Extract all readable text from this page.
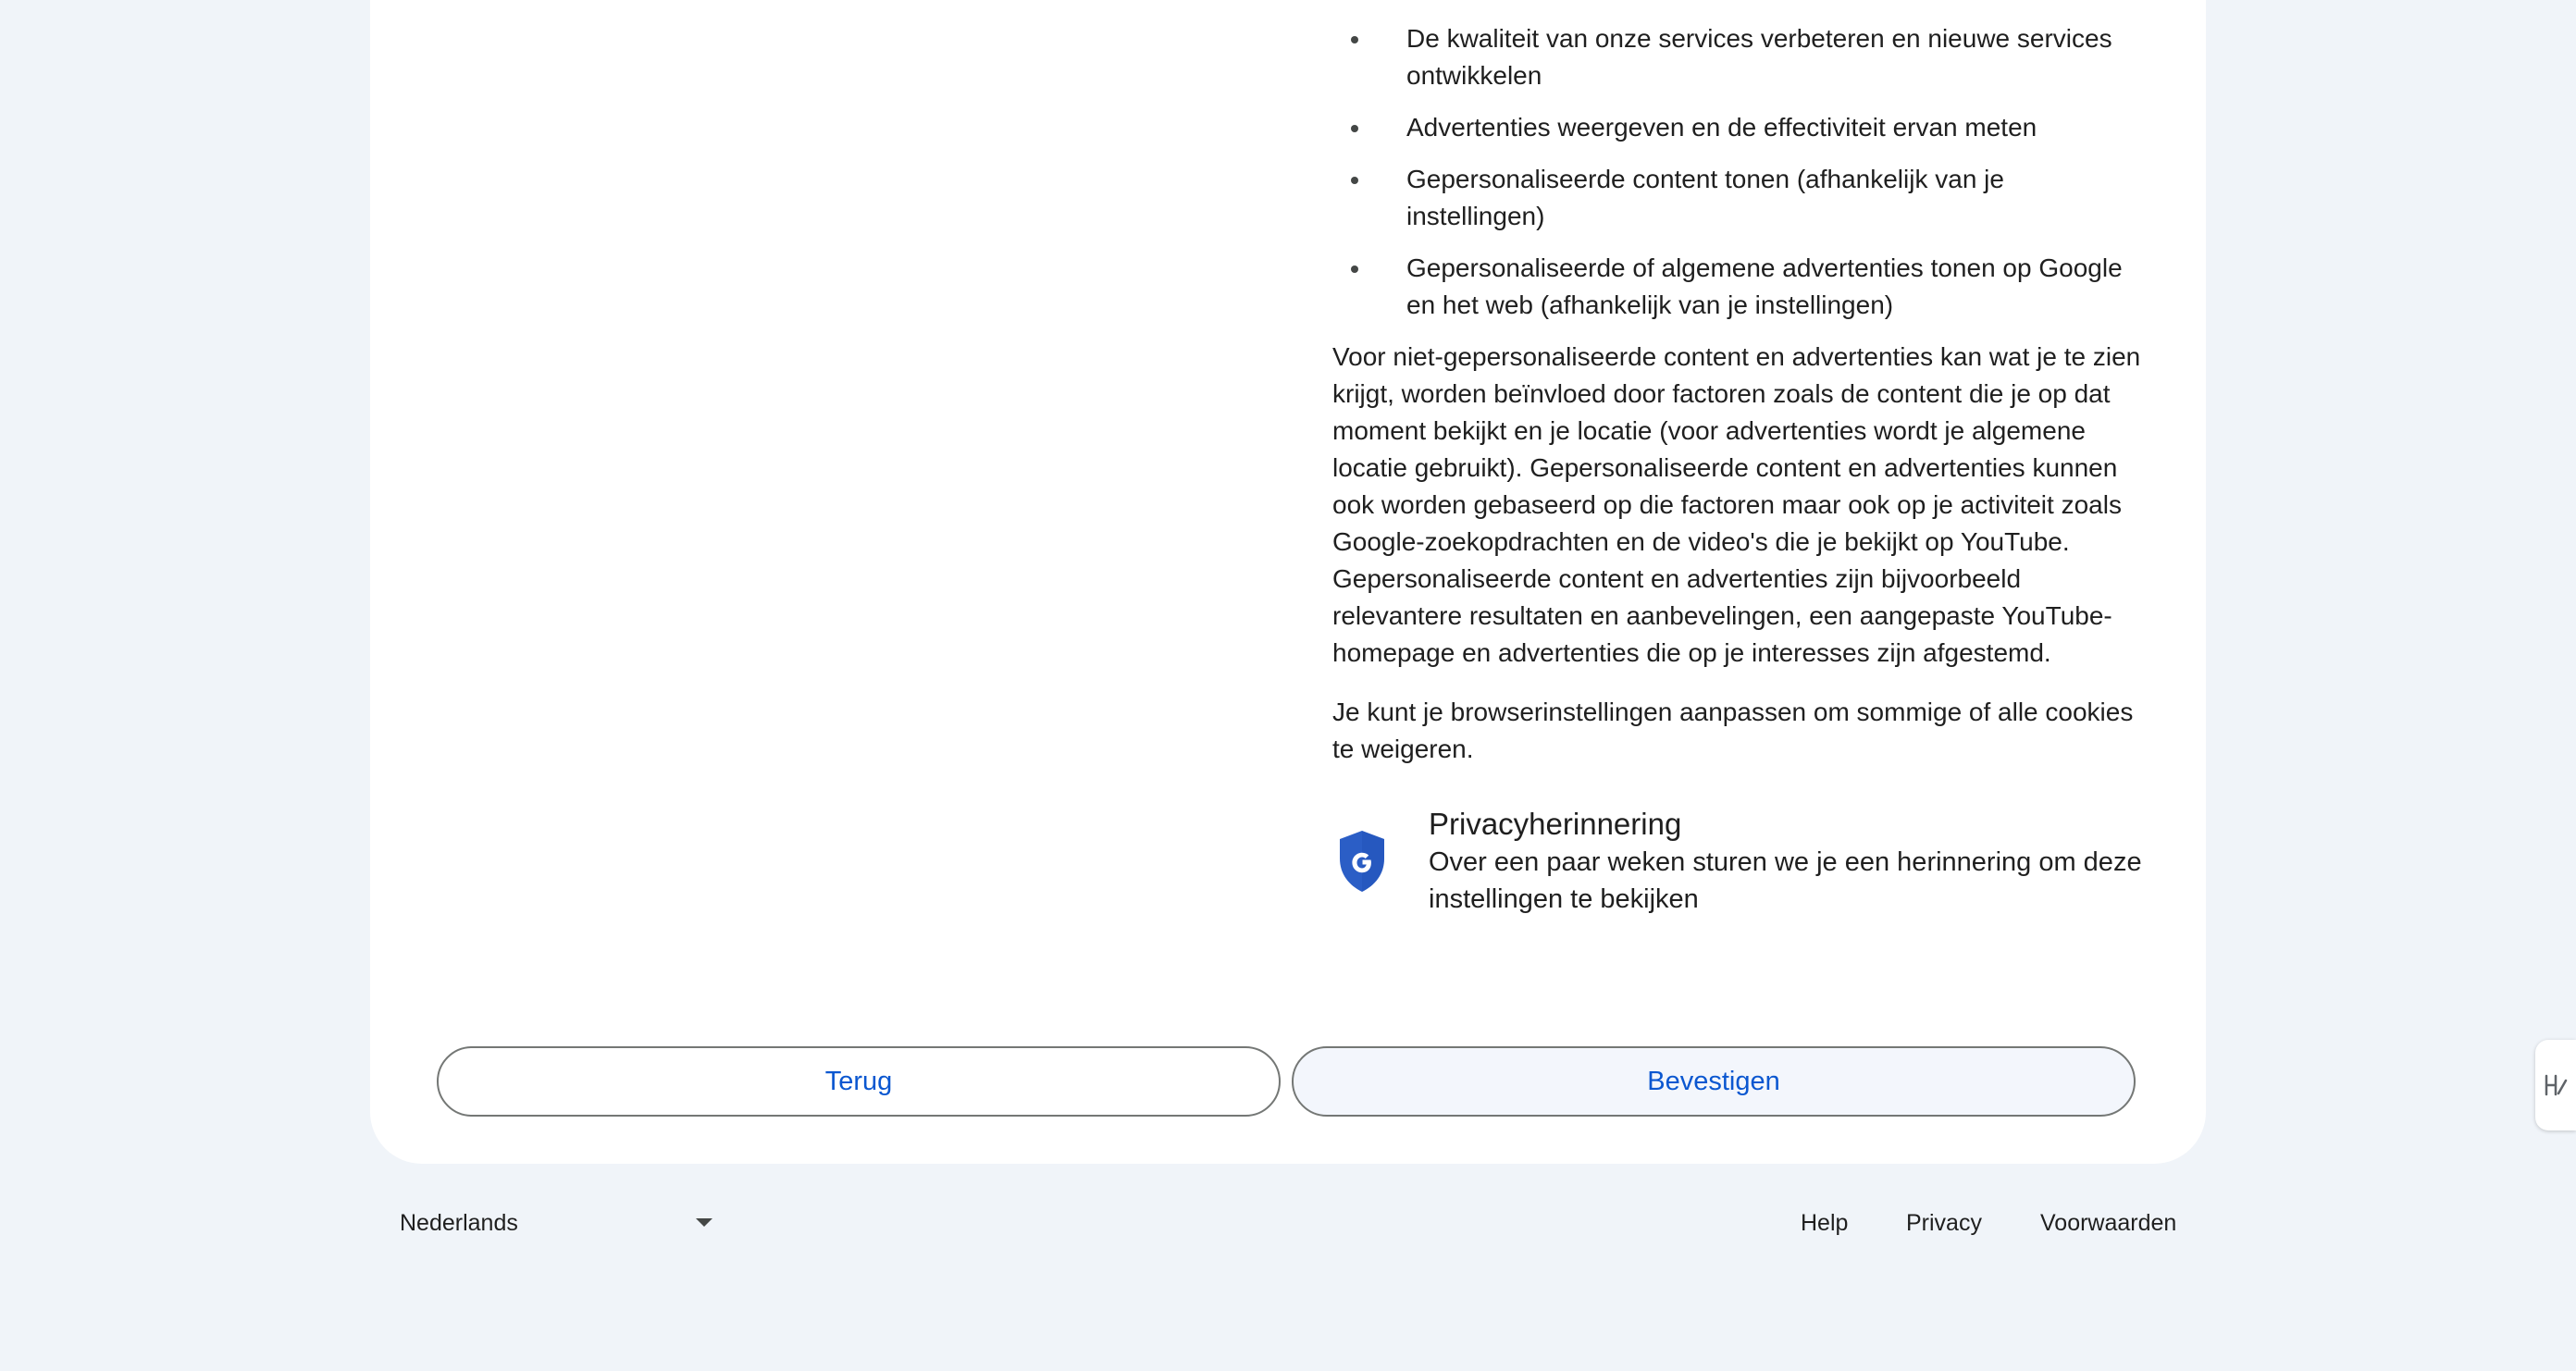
De kwaliteit van onze services verbeteren en nieuwe services ontwikkelen
Advertenties weergeven en de effectiviteit ervan meten
Gepersonaliseerde content tonen (afhankelijk van je instellingen)
Gepersonaliseerde of algemene advertenties tonen op Google en het web (afhankelijk van je instellingen)

Voor niet-gepersonaliseerde content en advertenties kan wat je te zien krijgt, worden beïnvloed door factoren zoals de content die je op dat moment bekijkt en je locatie (voor advertenties wordt je algemene locatie gebruikt). Gepersonaliseerde content en advertenties kunnen ook worden gebaseerd op die factoren maar ook op je activiteit zoals Google-zoekopdrachten en de video's die je bekijkt op YouTube. Gepersonaliseerde content en advertenties zijn bijvoorbeeld relevantere resultaten en aanbevelingen, een aangepaste YouTube-homepage en advertenties die op je interesses zijn afgestemd.

Je kunt je browserinstellingen aanpassen om sommige of alle cookies te weigeren.

Privacyherinnering
Over een paar weken sturen we je een herinnering om deze instellingen te bekijken
Terug	Bevestigen
Nederlands	Help	Privacy	Voorwaarden
